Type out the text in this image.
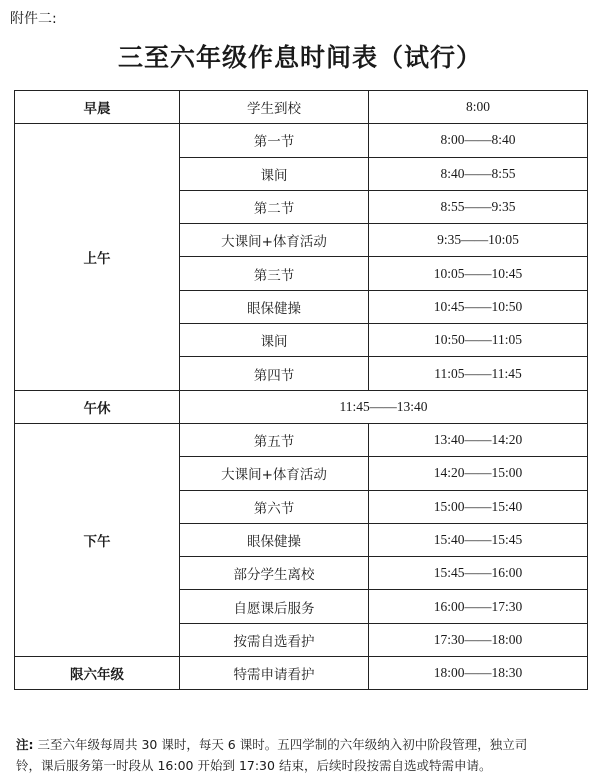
附件二:
三至六年级作息时间表（试行）
早晨	学生到校	8:00
上午	第一节	8:00——8:40
	课间	8:40——8:55
	第二节	8:55——9:35
	大课间+体育活动	9:35——10:05
	第三节	10:05——10:45
	眼保健操	10:45——10:50
	课间	10:50——11:05
	第四节	11:05——11:45
午休	11:45——13:40	
下午	第五节	13:40——14:20
	大课间+体育活动	14:20——15:00
	第六节	15:00——15:40
	眼保健操	15:40——15:45
	部分学生离校	15:45——16:00
	自愿课后服务	16:00——17:30
	按需自选看护	17:30——18:00
限六年级	特需申请看护	18:00——18:30
注: 三至六年级每周共 30 课时，每天 6 课时。五四学制的六年级纳入初中阶段管理，独立司
铃，课后服务第一时段从 16:00 开始到 17:30 结束，后续时段按需自选或特需申请。
